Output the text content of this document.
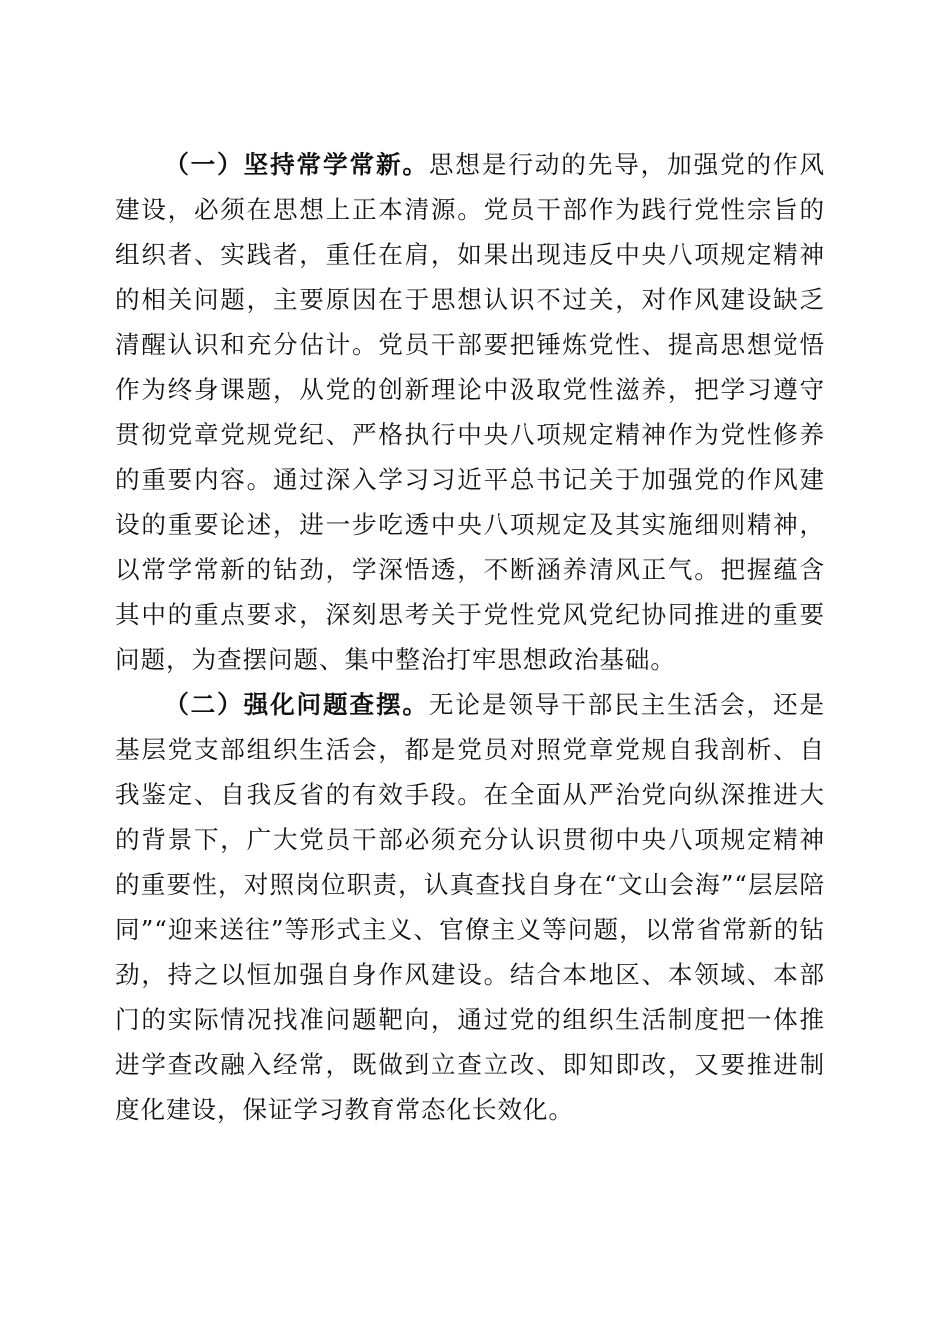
（一）坚持常学常新。思想是行动的先导，加强党的作风建设，必须在思想上正本清源。党员干部作为践行党性宗旨的组织者、实践者，重任在肩，如果出现违反中央八项规定精神的相关问题，主要原因在于思想认识不过关，对作风建设缺乏清醒认识和充分估计。党员干部要把锤炼党性、提高思想觉悟作为终身课题，从党的创新理论中汲取党性滋养，把学习遵守贯彻党章党规党纪、严格执行中央八项规定精神作为党性修养的重要内容。通过深入学习习近平总书记关于加强党的作风建设的重要论述，进一步吃透中央八项规定及其实施细则精神，以常学常新的钻劲，学深悟透，不断涵养清风正气。把握蕴含其中的重点要求，深刻思考关于党性党风党纪协同推进的重要问题，为查摆问题、集中整治打牢思想政治基础。

（二）强化问题查摆。无论是领导干部民主生活会，还是基层党支部组织生活会，都是党员对照党章党规自我剖析、自我鉴定、自我反省的有效手段。在全面从严治党向纵深推进大的背景下，广大党员干部必须充分认识贯彻中央八项规定精神的重要性，对照岗位职责，认真查找自身在“文山会海”“层层陪同”“迎来送往”等形式主义、官僚主义等问题，以常省常新的钻劲，持之以恒加强自身作风建设。结合本地区、本领域、本部门的实际情况找准问题靶向，通过党的组织生活制度把一体推进学查改融入经常，既做到立查立改、即知即改，又要推进制度化建设，保证学习教育常态化长效化。
